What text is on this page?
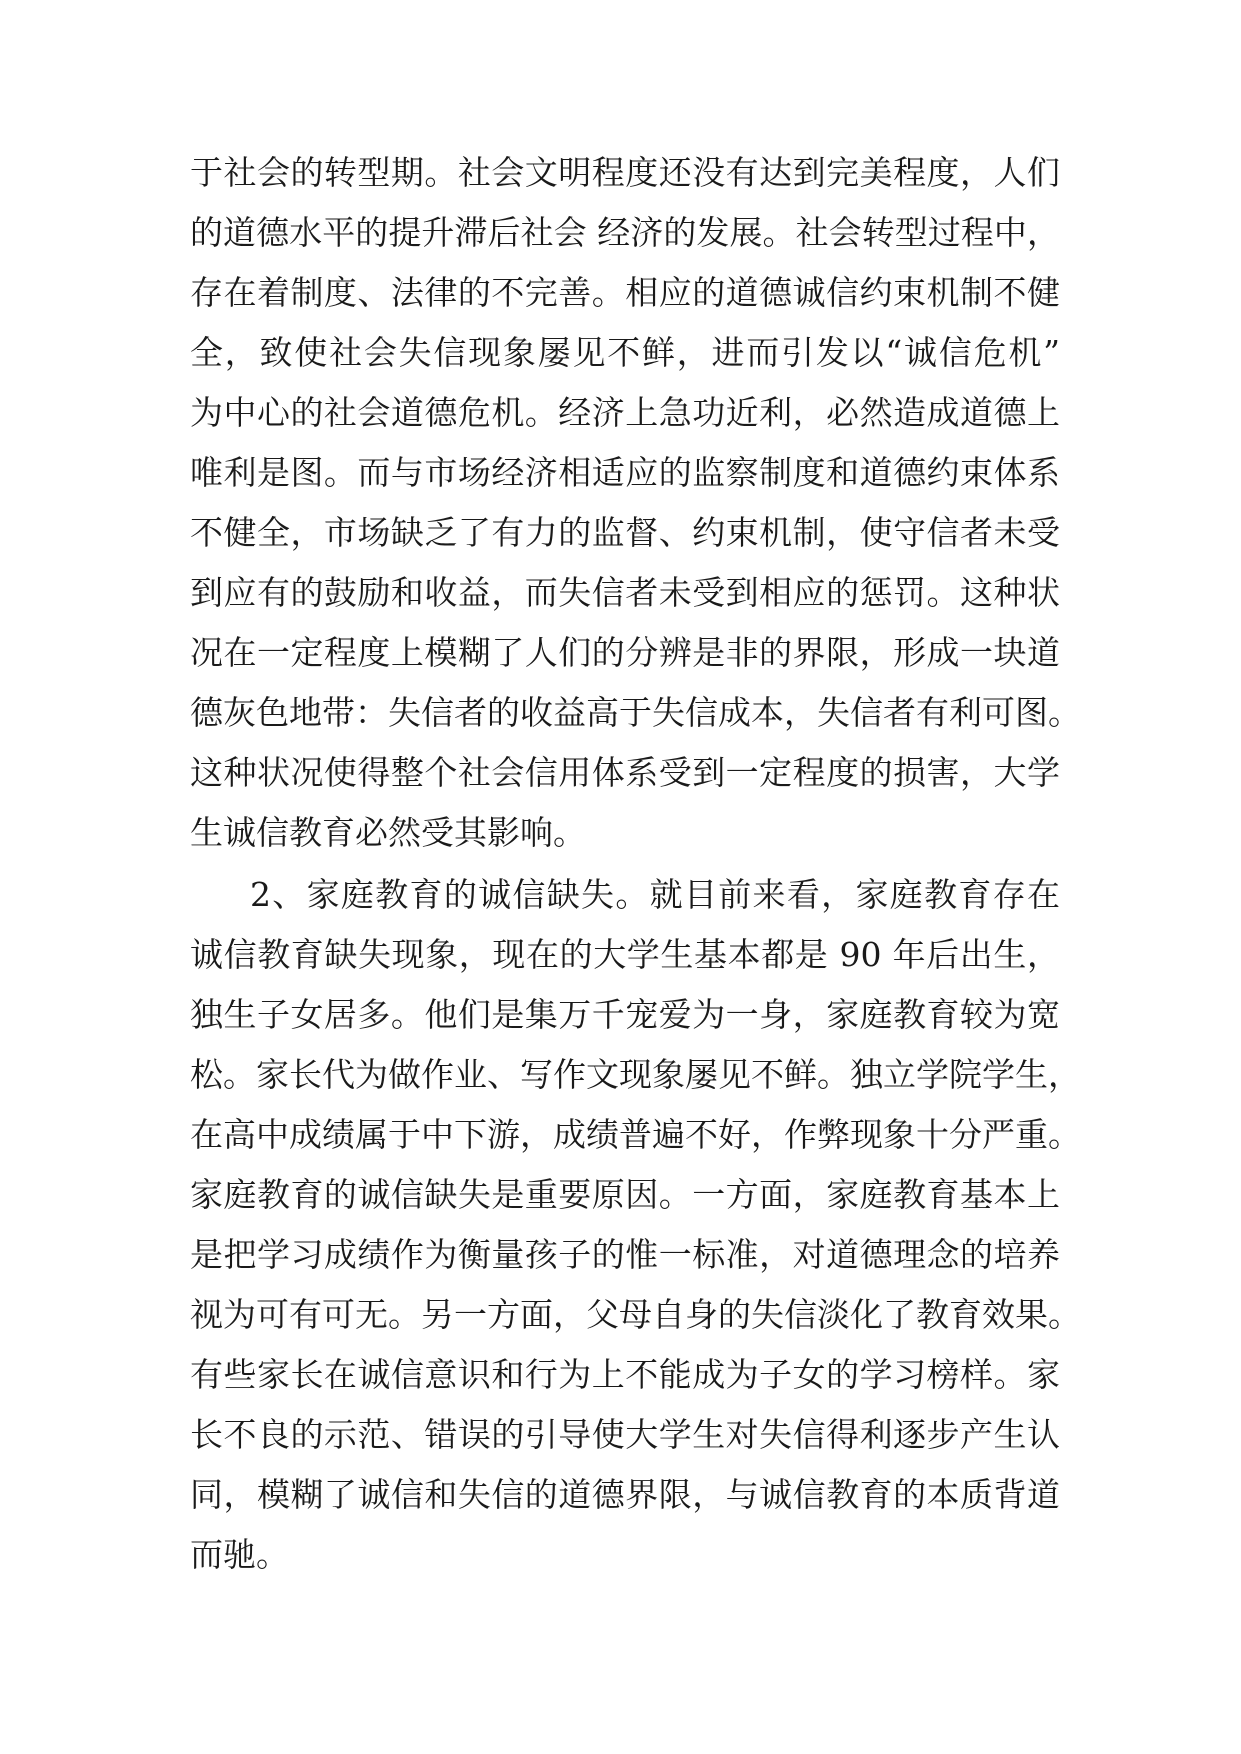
于社会的转型期。社会文明程度还没有达到完美程度，人们
的道德水平的提升滞后社会 经济的发展。社会转型过程中，
存在着制度、法律的不完善。相应的道德诚信约束机制不健
全，致使社会失信现象屡见不鲜，进而引发以“诚信危机”
为中心的社会道德危机。经济上急功近利，必然造成道德上
唯利是图。而与市场经济相适应的监察制度和道德约束体系
不健全，市场缺乏了有力的监督、约束机制，使守信者未受
到应有的鼓励和收益，而失信者未受到相应的惩罚。这种状
况在一定程度上模糊了人们的分辨是非的界限，形成一块道
德灰色地带：失信者的收益高于失信成本，失信者有利可图。
这种状况使得整个社会信用体系受到一定程度的损害，大学
生诚信教育必然受其影响。
2、家庭教育的诚信缺失。就目前来看，家庭教育存在
诚信教育缺失现象，现在的大学生基本都是 90 年后出生，
独生子女居多。他们是集万千宠爱为一身，家庭教育较为宽
松。家长代为做作业、写作文现象屡见不鲜。独立学院学生，
在高中成绩属于中下游，成绩普遍不好，作弊现象十分严重。
家庭教育的诚信缺失是重要原因。一方面，家庭教育基本上
是把学习成绩作为衡量孩子的惟一标准，对道德理念的培养
视为可有可无。另一方面，父母自身的失信淡化了教育效果。
有些家长在诚信意识和行为上不能成为子女的学习榜样。家
长不良的示范、错误的引导使大学生对失信得利逐步产生认
同，模糊了诚信和失信的道德界限，与诚信教育的本质背道
而驰。
